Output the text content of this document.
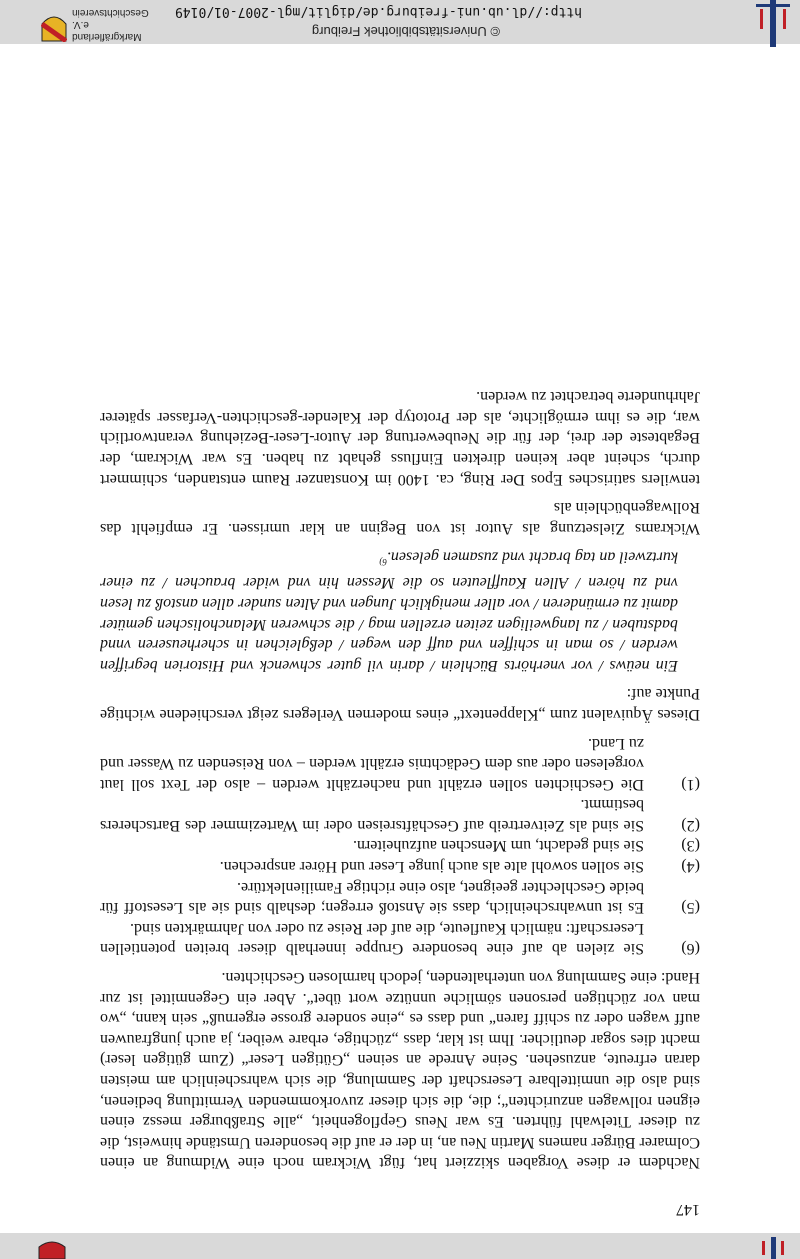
147

Nachdem er diese Vorgaben skizziert hat, fügt Wickram noch eine Widmung an einen Colmarer Bürger namens Martin Neu an, in der er auf die besonderen Umstände hinweist, die zu dieser Titelwahl führten. Es war Neus Gepflogenheit, „alle Straßburger messz einen eignen rollwagen anzurichten“; die, die sich dieser zuvorkommenden Vermittlung bedienen, sind also die unmittelbare Leserschaft der Sammlung, die sich wahrscheinlich am meisten daran erfreute, anzusehen. Seine Anrede an seinen „Gütigen Leser“ (Zum gütigen leser) macht dies sogar deutlicher. Ihm ist klar, dass „züchtige, erbare weiber, ja auch jungfrauwen auff wagen oder zu schiff faren“ und dass es „eine sondere grosse ergernuß“ sein kann, „wo man vor züchtigen personen sömliche unnütze wort übet“. Aber ein Gegenmittel ist zur Hand: eine Sammlung von unterhaltenden, jedoch harmlosen Geschichten.

(6)
Sie zielen ab auf eine besondere Gruppe innerhalb dieser breiten potentiellen Leserschaft: nämlich Kaufleute, die auf der Reise zu oder von Jahrmärkten sind.
(5)
Es ist unwahrscheinlich, dass sie Anstoß erregen; deshalb sind sie als Lesestoff für beide Geschlechter geeignet, also eine richtige Familienlektüre.
(4)
Sie sollen sowohl alte als auch junge Leser und Hörer ansprechen.
(3)
Sie sind gedacht, um Menschen aufzuheitern.
(2)
Sie sind als Zeitvertreib auf Geschäftsreisen oder im Wartezimmer des Bartscherers bestimmt.
(1)
Die Geschichten sollen erzählt und nacherzählt werden – also der Text soll laut vorgelesen oder aus dem Gedächtnis erzählt werden – von Reisenden zu Wasser und zu Land.

Dieses Äquivalent zum „Klappentext“ eines modernen Verlegers zeigt verschiedene wichtige Punkte auf:

Ein neüws / vor vnerhörts Büchlein / darin vil guter schwenck vnd Historien begriffen werden / so man in schiffen vnd auff den wegen / deßgleichen in scherheuseren vnnd badstuben / zu langweiligen zeiten erzellen mag / die schweren Melancholischen gemüter damit zu ermünderen / vor aller menigklich Jungen vnd Alten sunder allen anstoß zu lesen vnd zu hören / Allen Kauffleuten so die Messen hin vnd wider brauchen / zu einer kurtzweil an tag bracht vnd zusamen gelesen.$^{6)}$

Wickrams Zielsetzung als Autor ist von Beginn an klar umrissen. Er empfiehlt das Rollwagenbüchlein als

tenwilers satirisches Epos Der Ring, ca. 1400 im Konstanzer Raum entstanden, schimmert durch, scheint aber keinen direkten Einfluss gehabt zu haben. Es war Wickram, der Begabteste der drei, der für die Neubewertung der Autor-Leser-Beziehung verantwortlich war, die es ihm ermöglichte, als der Prototyp der Kalender-geschichten-Verfasser späterer Jahrhunderte betrachtet zu werden.

© Universitätsbibliothek Freiburg
http://dl.ub.uni-freiburg.de/diglit/mgl-2007-01/0149
Markgräflerland e.V.
Geschichtsverein
